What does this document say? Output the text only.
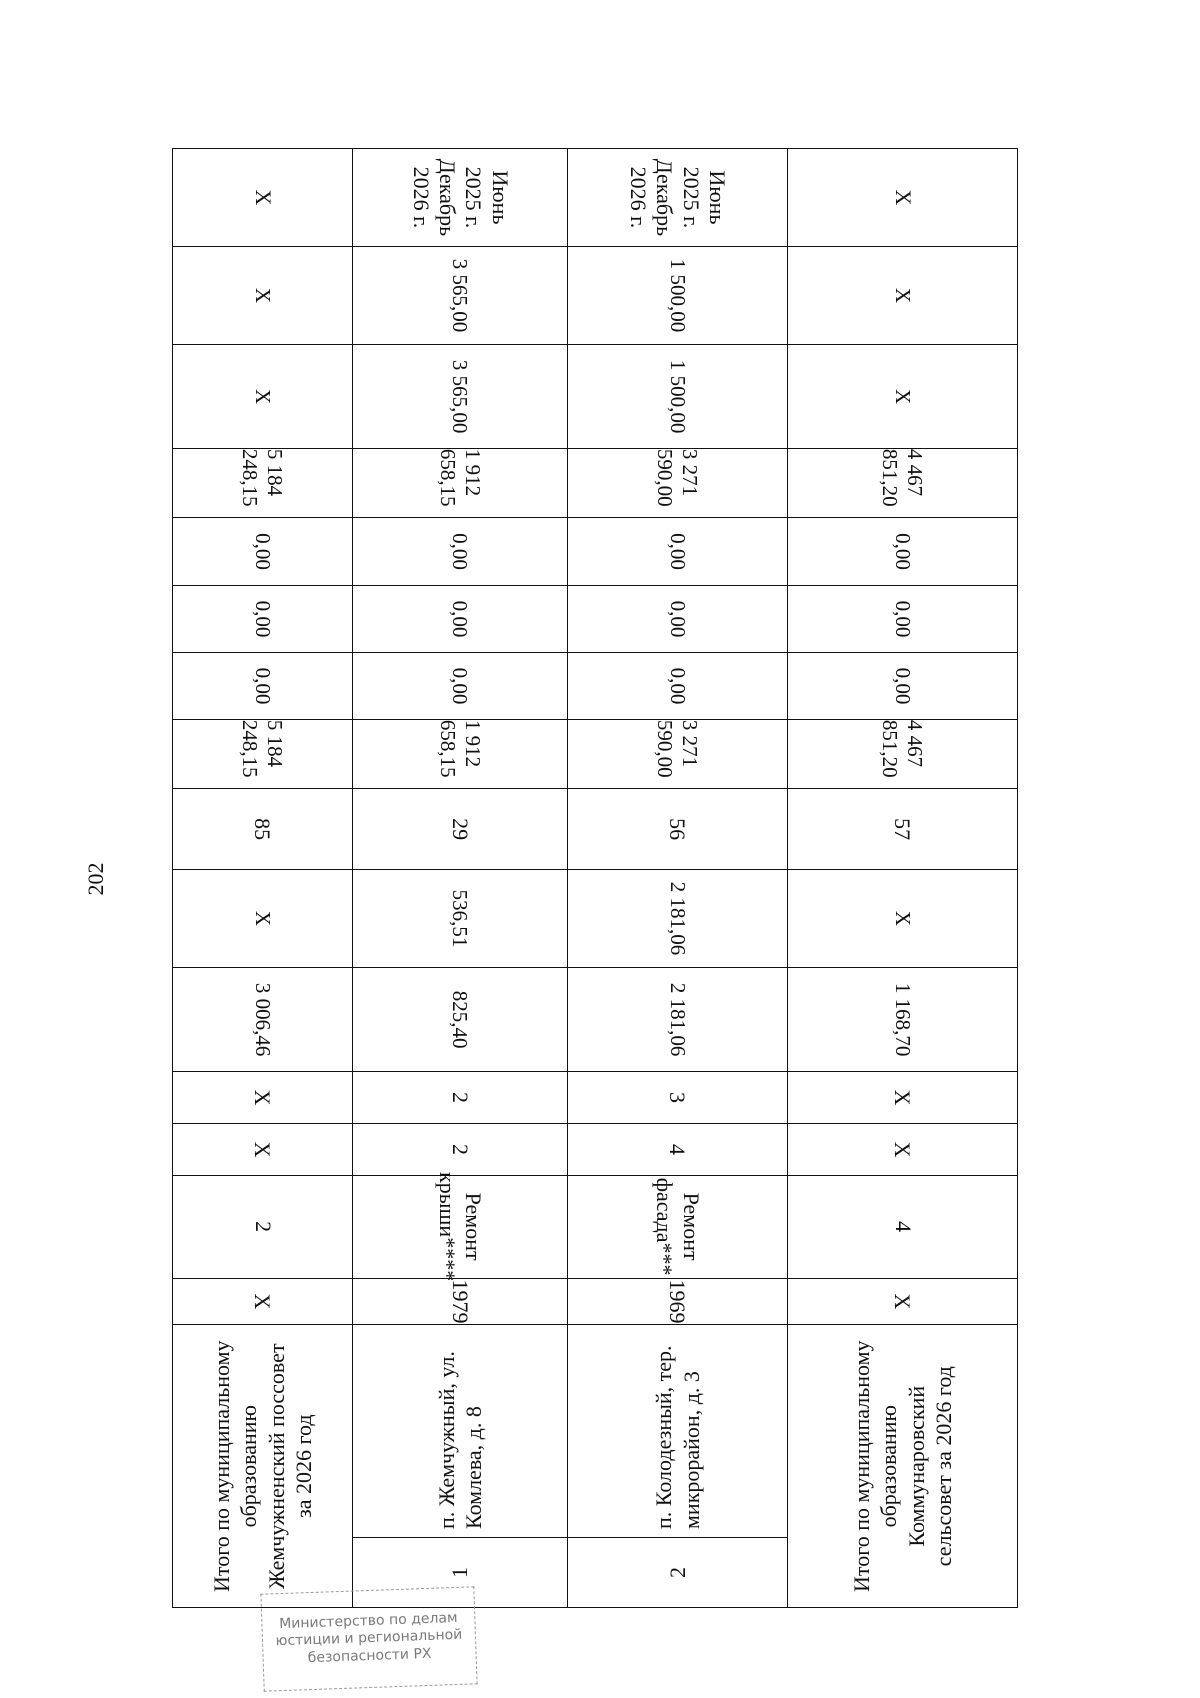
202
Итого по муниципальному образованию Жемчужненский поссовет за 2026 год	Х	2	Х	Х	3 006,46	Х	85	5 184 248,15	0,00	0,00	0,00	5 184 248,15	Х	Х	Х

1
п. Жемчужный, ул. Комлева, д. 8	1979	Ремонт крыши****	2	2	825,40	536,51	29	1 912 658,15	0,00	0,00	0,00	1 912 658,15	3 565,00	3 565,00	Июнь 2025 г. Декабрь 2026 г.

2
п. Колодезный, тер. микрорайон, д. 3	1969	Ремонт фасада***	4	3	2 181,06	2 181,06	56	3 271 590,00	0,00	0,00	0,00	3 271 590,00	1 500,00	1 500,00	Июнь 2025 г. Декабрь 2026 г.

Итого по муниципальному образованию Коммунаровский сельсовет за 2026 год	Х	4	Х	Х	1 168,70	Х	57	4 467 851,20	0,00	0,00	0,00	4 467 851,20	Х	Х	Х
Министерство по делам
юстиции и региональной
безопасности РХ
